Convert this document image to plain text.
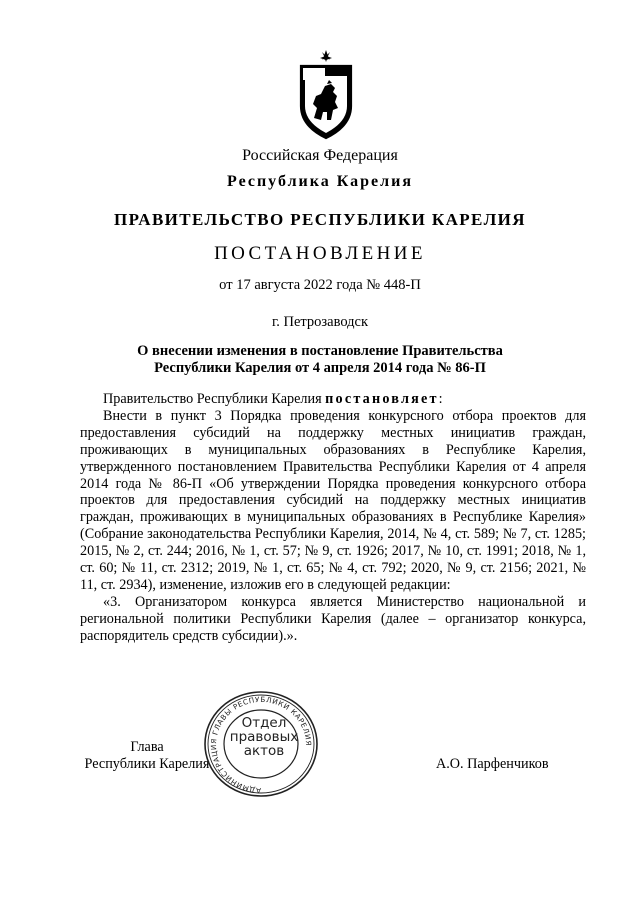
Российская Федерация
Республика Карелия
ПРАВИТЕЛЬСТВО РЕСПУБЛИКИ КАРЕЛИЯ
ПОСТАНОВЛЕНИЕ
от 17 августа 2022 года № 448-П
г. Петрозаводск
О внесении изменения в постановление Правительства
Республики Карелия от 4 апреля 2014 года № 86-П

Правительство Республики Карелия постановляет:

Внести в пункт 3 Порядка проведения конкурсного отбора проектов для предоставления субсидий на поддержку местных инициатив граждан, проживающих в муниципальных образованиях в Республике Карелия, утвержденного постановлением Правительства Республики Карелия от 4 апреля 2014 года № 86-П «Об утверждении Порядка проведения конкурсного отбора проектов для предоставления субсидий на поддержку местных инициатив граждан, проживающих в муниципальных образованиях в Республике Карелия» (Собрание законодательства Республики Карелия, 2014, № 4, ст. 589; № 7, ст. 1285; 2015, № 2, ст. 244; 2016, № 1, ст. 57; № 9, ст. 1926; 2017, № 10, ст. 1991; 2018, № 1, ст. 60; № 11, ст. 2312; 2019, № 1, ст. 65; № 4, ст. 792; 2020, № 9, ст. 2156; 2021, № 11, ст. 2934), изменение, изложив его в следующей редакции:

«3. Организатором конкурса является Министерство национальной и региональной политики Республики Карелия (далее – организатор конкурса, распорядитель средств субсидии).».

Глава
Республики Карелия	А.О. Парфенчиков
АДМИНИСТРАЦИЯ ГЛАВЫ РЕСПУБЛИКИ КАРЕЛИЯ
Отдел
правовых
актов
